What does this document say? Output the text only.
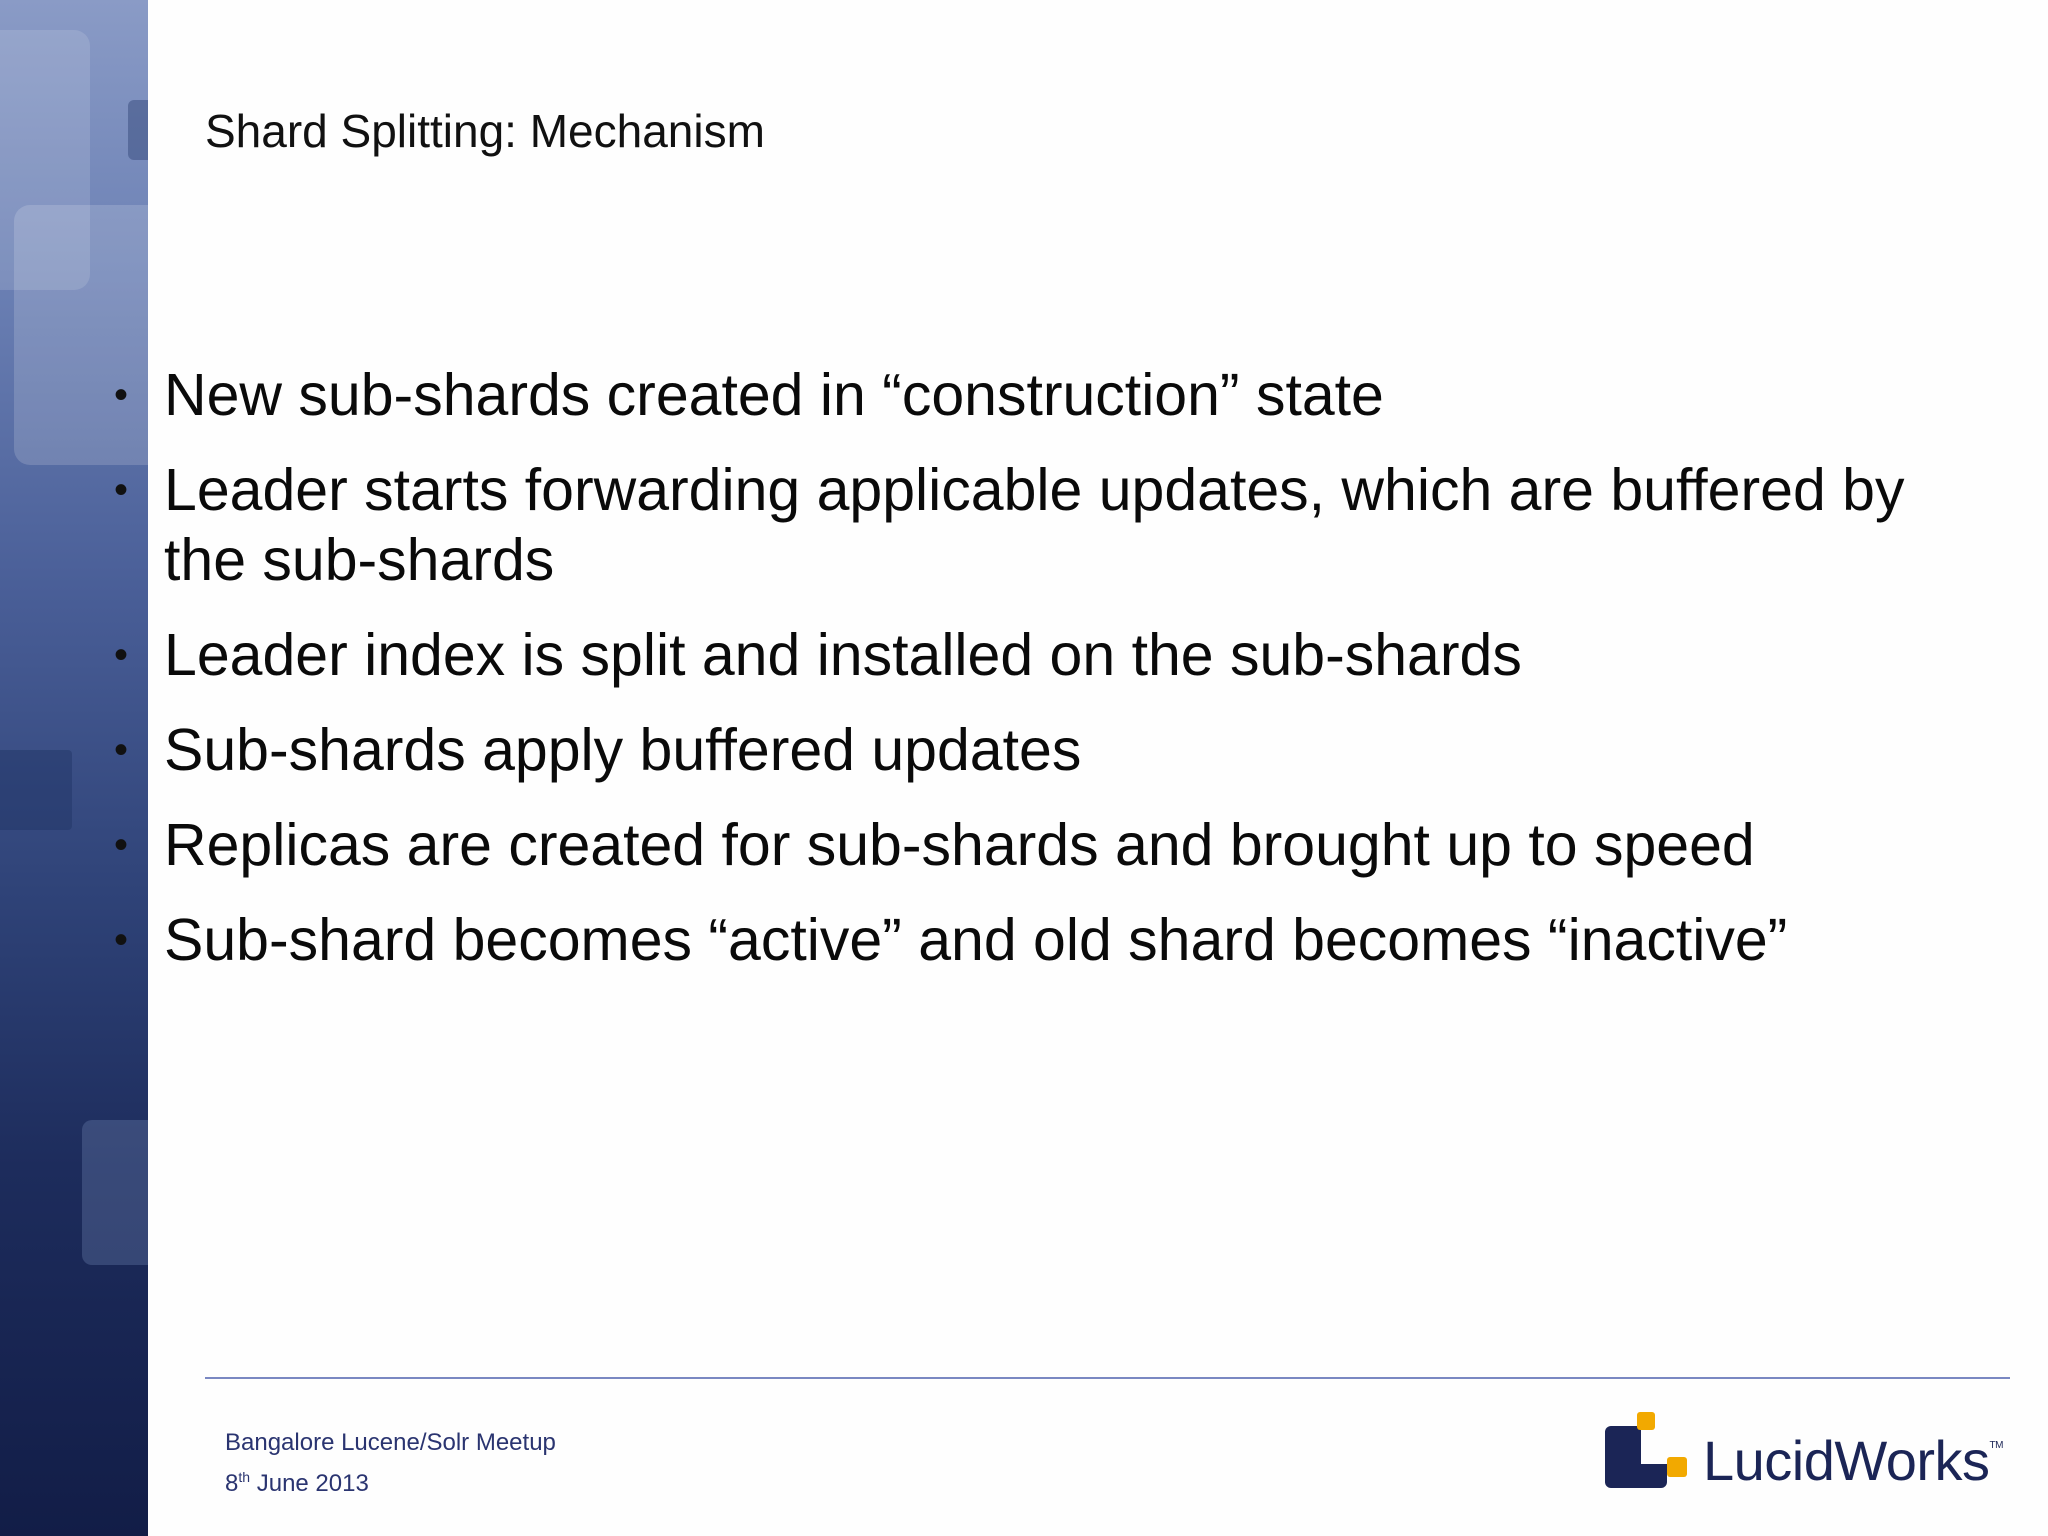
Shard Splitting: Mechanism
• New sub-shards created in “construction” state
• Leader starts forwarding applicable updates, which are buffered by the sub-shards
• Leader index is split and installed on the sub-shards
• Sub-shards apply buffered updates
• Replicas are created for sub-shards and brought up to speed
• Sub-shard becomes “active” and old shard becomes “inactive”
Bangalore Lucene/Solr Meetup
8th June 2013	LucidWorks™
